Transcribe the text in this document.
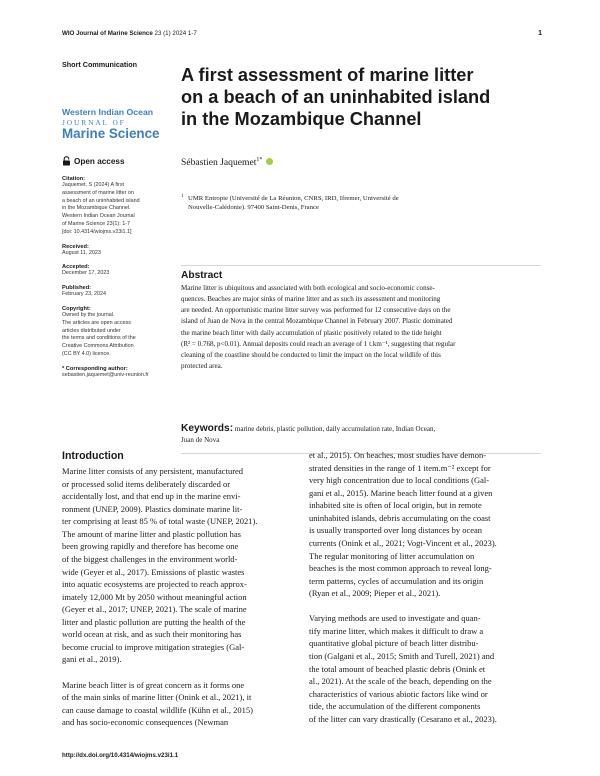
WIO Journal of Marine Science 23 (1) 2024 1-7	1
Short Communication
A first assessment of marine litter
on a beach of an uninhabited island
in the Mozambique Channel
Western Indian Ocean
JOURNAL OF
Marine Science
Sébastien Jaquemet$^{1*}$
1 UMR Entropie (Université de La Réunion, CNRS, IRD, Ifremer, Université de Nouvelle-Calédonie). 97400 Saint-Denis, France
Open access
Citation:
Jaquemet, S (2024) A first
assessment of marine litter on
a beach of an uninhabited island
in the Mozambique Channel.
Western Indian Ocean Journal
of Marine Science 23(1): 1-7
[doi: 10.4314/wiojms.v23i1.1]
Received:
August 11, 2023
Accepted:
December 17, 2023
Published:
February 23, 2024
Copyright:
Owned by the journal.
The articles are open access
articles distributed under
the terms and conditions of the
Creative Commons Attribution
(CC BY 4.0) licence.
* Corresponding author:
sebastien.jaquemet@univ-reunion.fr
Abstract
Marine litter is ubiquitous and associated with both ecological and socio-economic conse-
quences. Beaches are major sinks of marine litter and as such its assessment and monitoring
are needed. An opportunistic marine litter survey was performed for 12 consecutive days on the
island of Juan de Nova in the central Mozambique Channel in February 2007. Plastic dominated
the marine beach litter with daily accumulation of plastic positively related to the tide height
(R² = 0.768, p<0.01). Annual deposits could reach an average of 1 t.km⁻¹, suggesting that regular
cleaning of the coastline should be conducted to limit the impact on the local wildlife of this
protected area.
Keywords: marine debris, plastic pollution, daily accumulation rate, Indian Ocean,
Juan de Nova
Introduction
Marine litter consists of any persistent, manufactured
or processed solid items deliberately discarded or
accidentally lost, and that end up in the marine envi-
ronment (UNEP, 2009). Plastics dominate marine lit-
ter comprising at least 85 % of total waste (UNEP, 2021).
The amount of marine litter and plastic pollution has
been growing rapidly and therefore has become one
of the biggest challenges in the environment world-
wide (Geyer et al., 2017). Emissions of plastic wastes
into aquatic ecosystems are projected to reach approx-
imately 12,000 Mt by 2050 without meaningful action
(Geyer et al., 2017; UNEP, 2021). The scale of marine
litter and plastic pollution are putting the health of the
world ocean at risk, and as such their monitoring has
become crucial to improve mitigation strategies (Gal-
gani et al., 2019).
Marine beach litter is of great concern as it forms one
of the main sinks of marine litter (Onink et al., 2021), it
can cause damage to coastal wildlife (Kühn et al., 2015)
and has socio-economic consequences (Newman
et al., 2015). On beaches, most studies have demon-
strated densities in the range of 1 item.m⁻² except for
very high concentration due to local conditions (Gal-
gani et al., 2015). Marine beach litter found at a given
inhabited site is often of local origin, but in remote
uninhabited islands, debris accumulating on the coast
is usually transported over long distances by ocean
currents (Onink et al., 2021; Vogt-Vincent et al., 2023).
The regular monitoring of litter accumulation on
beaches is the most common approach to reveal long-
term patterns, cycles of accumulation and its origin
(Ryan et al., 2009; Pieper et al., 2021).
Varying methods are used to investigate and quan-
tify marine litter, which makes it difficult to draw a
quantitative global picture of beach litter distribu-
tion (Galgani et al., 2015; Smith and Turell, 2021) and
the total amount of beached plastic debris (Onink et
al., 2021). At the scale of the beach, depending on the
characteristics of various abiotic factors like wind or
tide, the accumulation of the different components
of the litter can vary drastically (Cesarano et al., 2023).
http://dx.doi.org/10.4314/wiojms.v23i1.1
